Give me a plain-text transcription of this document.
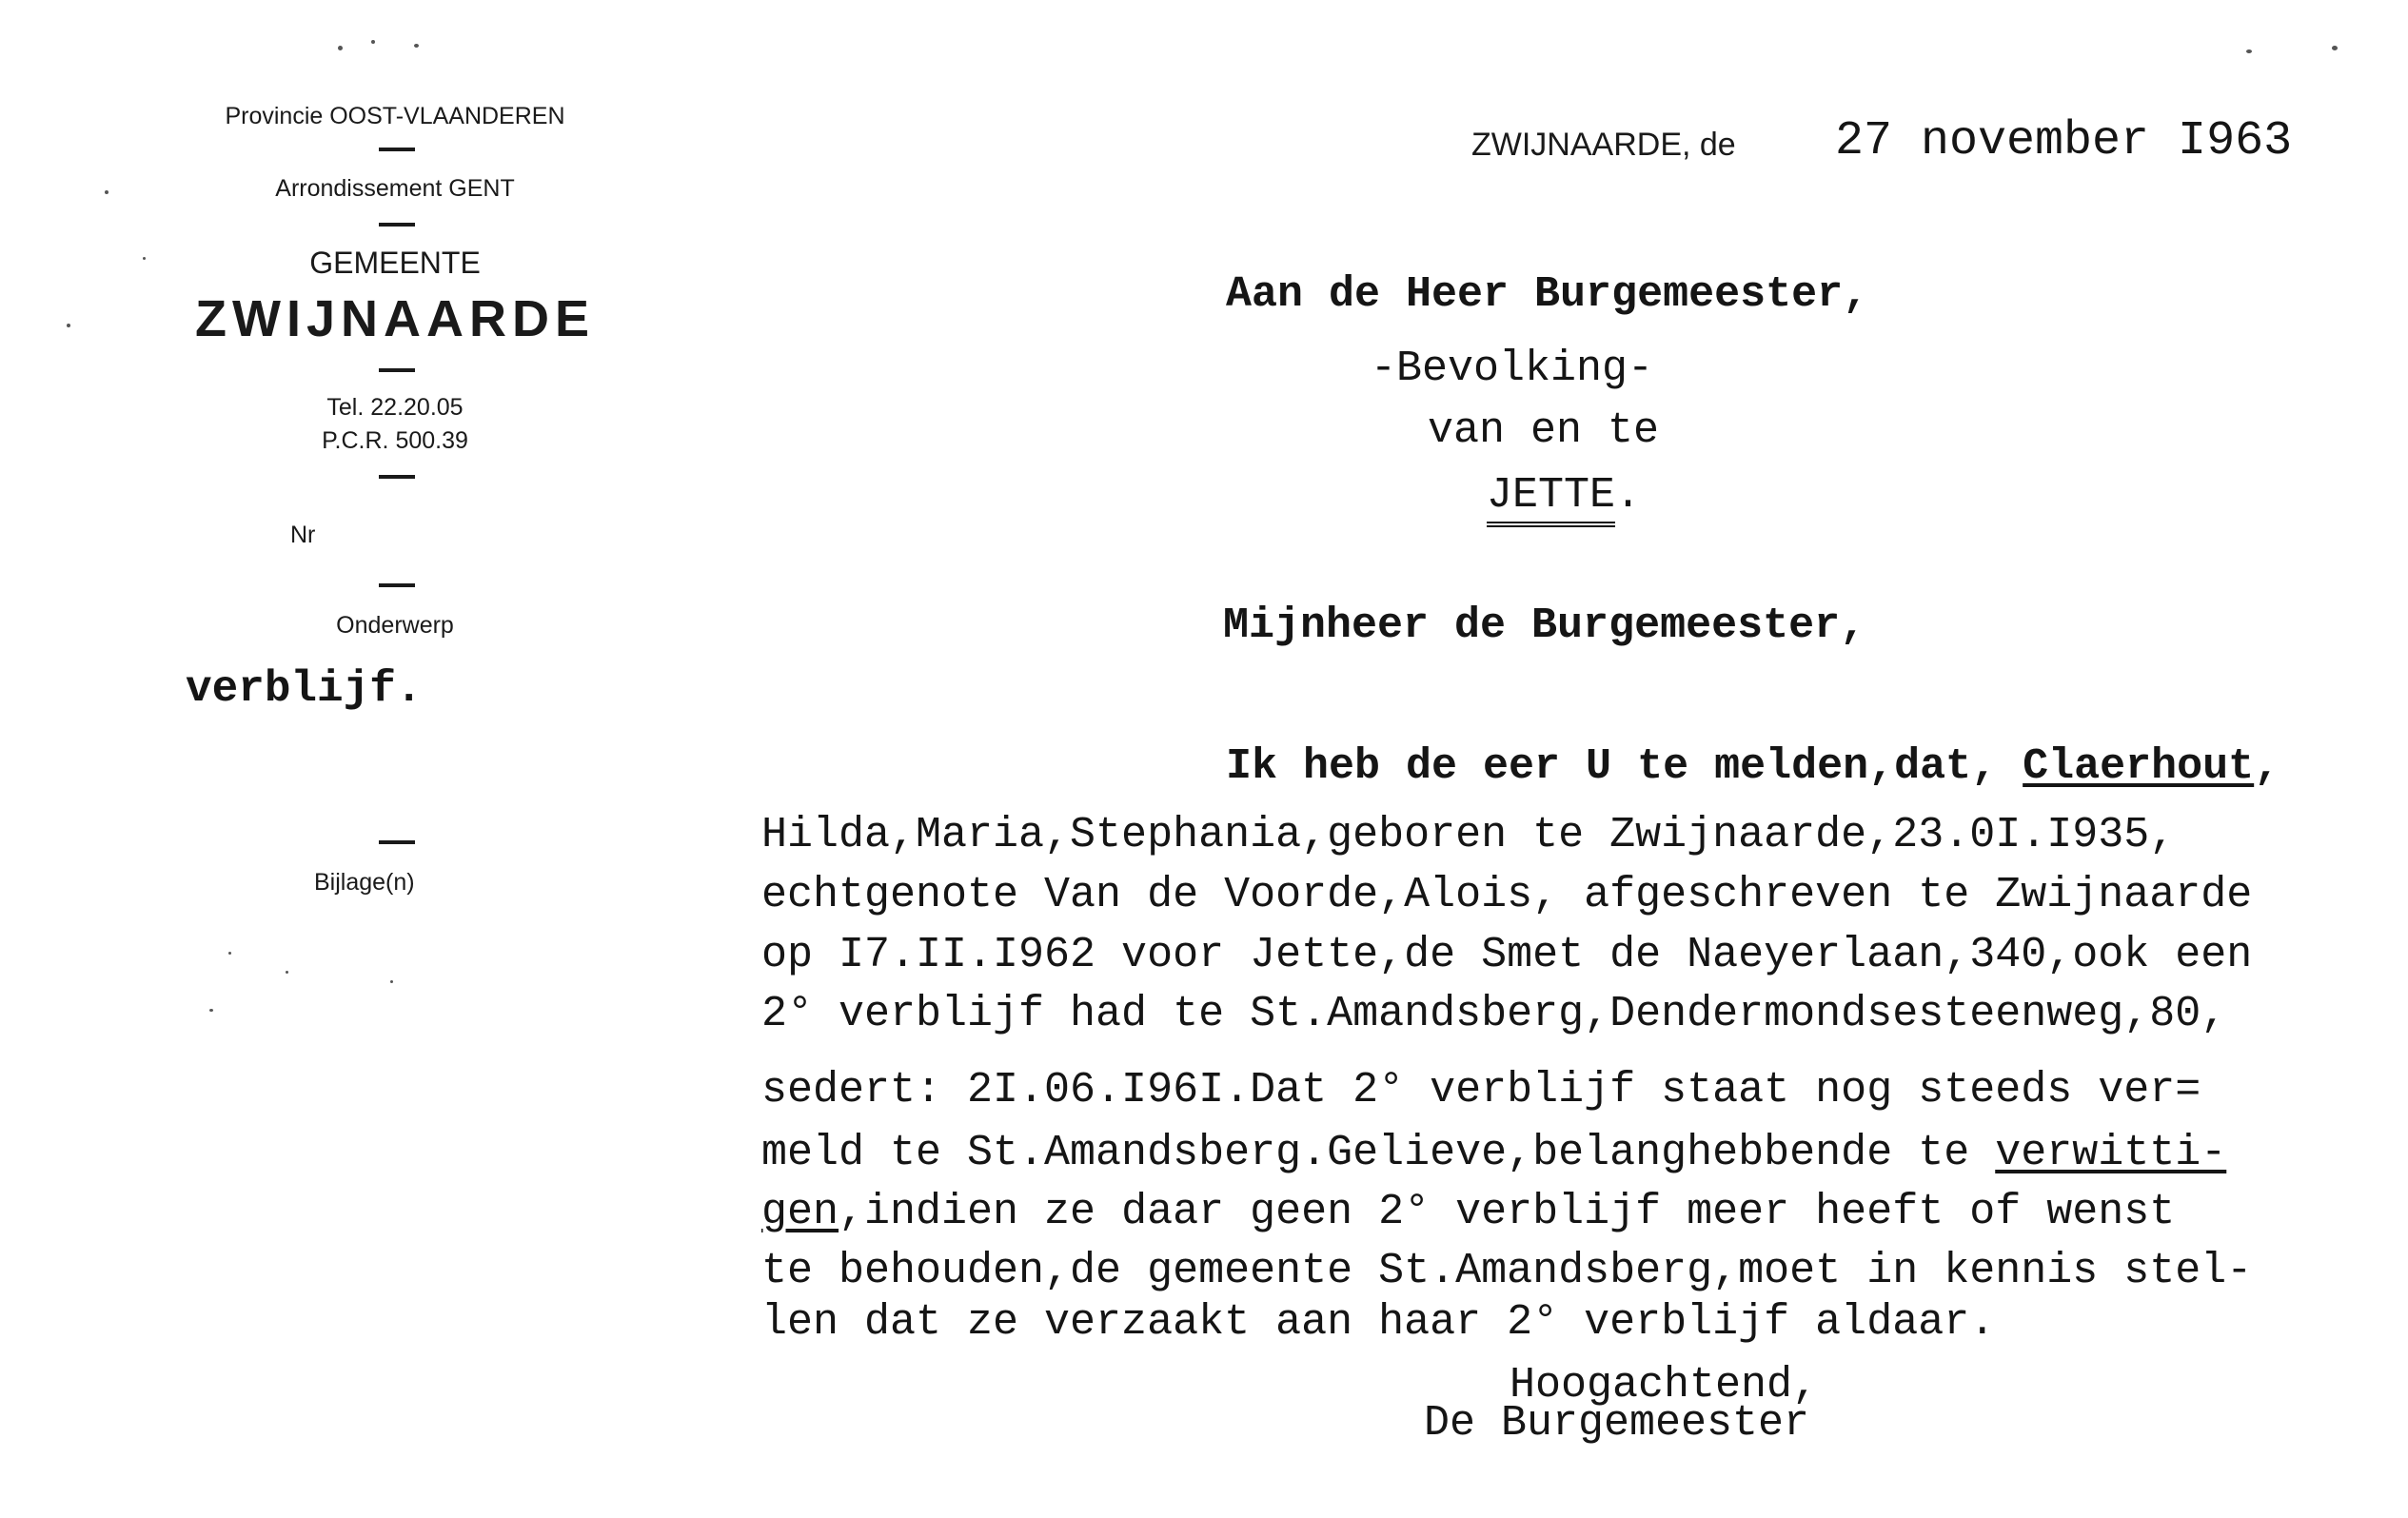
Provincie OOST-VLAANDEREN
Arrondissement GENT
GEMEENTE
ZWIJNAARDE
Tel. 22.20.05
P.C.R. 500.39
Nr
Onderwerp
verblijf.
Bijlage(n)
ZWIJNAARDE, de	27 november I963
Aan de Heer Burgemeester,
-Bevolking-
van en te
JETTE.
Mijnheer de Burgemeester,
Ik heb de eer U te melden,dat, Claerhout,
Hilda,Maria,Stephania,geboren te Zwijnaarde,23.0I.I935,
echtgenote Van de Voorde,Alois, afgeschreven te Zwijnaarde
op I7.II.I962 voor Jette,de Smet de Naeyerlaan,340,ook een
2° verblijf had te St.Amandsberg,Dendermondsesteenweg,80,
sedert: 2I.06.I96I.Dat 2° verblijf staat nog steeds ver=
meld te St.Amandsberg.Gelieve,belanghebbende te verwitti-
gen,indien ze daar geen 2° verblijf meer heeft of wenst
te behouden,de gemeente St.Amandsberg,moet in kennis stel-
len dat ze verzaakt aan haar 2° verblijf aldaar.
Hoogachtend,
De Burgemeester
